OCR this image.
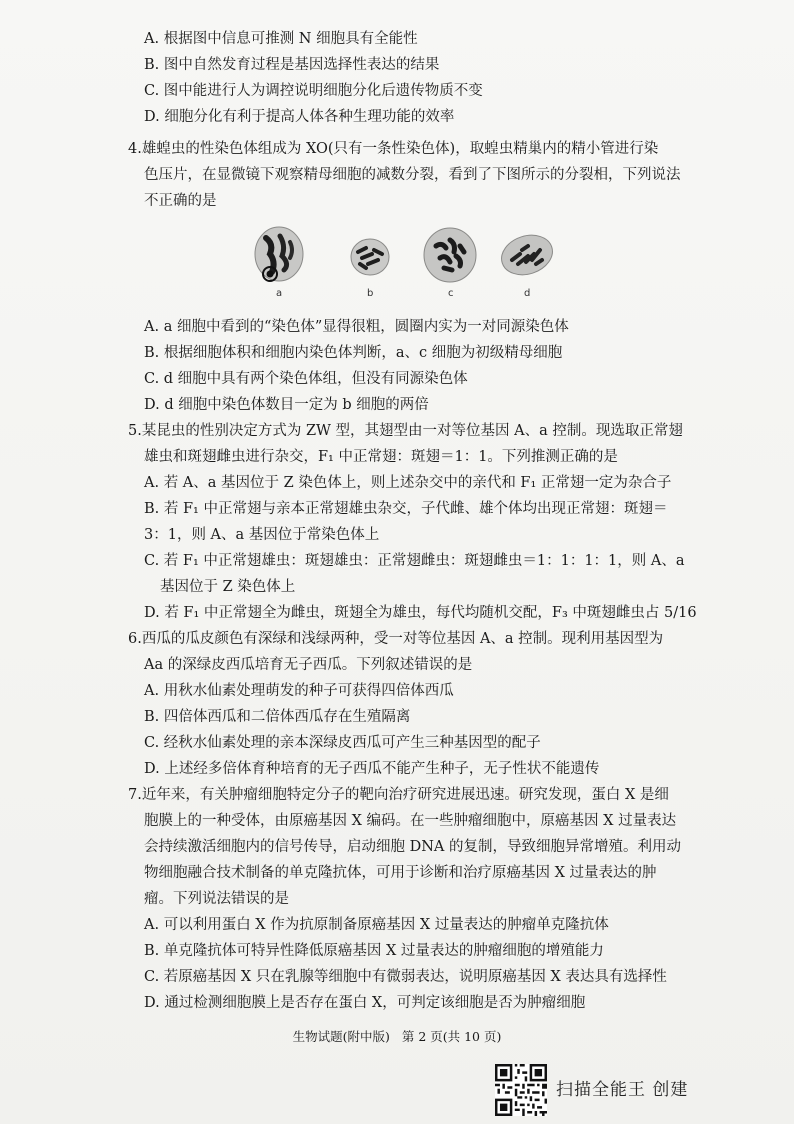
A. 根据图中信息可推测 N 细胞具有全能性
B. 图中自然发育过程是基因选择性表达的结果
C. 图中能进行人为调控说明细胞分化后遗传物质不变
D. 细胞分化有利于提高人体各种生理功能的效率
4.雄蝗虫的性染色体组成为 XO(只有一条性染色体)，取蝗虫精巢内的精小管进行染
色压片，在显微镜下观察精母细胞的减数分裂，看到了下图所示的分裂相，下列说法
不正确的是
a	b	c	d
A. a 细胞中看到的“染色体”显得很粗，圆圈内实为一对同源染色体
B. 根据细胞体积和细胞内染色体判断，a、c 细胞为初级精母细胞
C. d 细胞中具有两个染色体组，但没有同源染色体
D. d 细胞中染色体数目一定为 b 细胞的两倍
5.某昆虫的性别决定方式为 ZW 型，其翅型由一对等位基因 A、a 控制。现选取正常翅
雄虫和斑翅雌虫进行杂交，F₁ 中正常翅：斑翅＝1：1。下列推测正确的是
A. 若 A、a 基因位于 Z 染色体上，则上述杂交中的亲代和 F₁ 正常翅一定为杂合子
B. 若 F₁ 中正常翅与亲本正常翅雄虫杂交，子代雌、雄个体均出现正常翅：斑翅＝
3：1，则 A、a 基因位于常染色体上
C. 若 F₁ 中正常翅雄虫：斑翅雄虫：正常翅雌虫：斑翅雌虫＝1：1：1：1，则 A、a
基因位于 Z 染色体上
D. 若 F₁ 中正常翅全为雌虫，斑翅全为雄虫，每代均随机交配，F₃ 中斑翅雌虫占 5/16
6.西瓜的瓜皮颜色有深绿和浅绿两种，受一对等位基因 A、a 控制。现利用基因型为
Aa 的深绿皮西瓜培育无子西瓜。下列叙述错误的是
A. 用秋水仙素处理萌发的种子可获得四倍体西瓜
B. 四倍体西瓜和二倍体西瓜存在生殖隔离
C. 经秋水仙素处理的亲本深绿皮西瓜可产生三种基因型的配子
D. 上述经多倍体育种培育的无子西瓜不能产生种子，无子性状不能遗传
7.近年来，有关肿瘤细胞特定分子的靶向治疗研究进展迅速。研究发现，蛋白 X 是细
胞膜上的一种受体，由原癌基因 X 编码。在一些肿瘤细胞中，原癌基因 X 过量表达
会持续激活细胞内的信号传导，启动细胞 DNA 的复制，导致细胞异常增殖。利用动
物细胞融合技术制备的单克隆抗体，可用于诊断和治疗原癌基因 X 过量表达的肿
瘤。下列说法错误的是
A. 可以利用蛋白 X 作为抗原制备原癌基因 X 过量表达的肿瘤单克隆抗体
B. 单克隆抗体可特异性降低原癌基因 X 过量表达的肿瘤细胞的增殖能力
C. 若原癌基因 X 只在乳腺等细胞中有微弱表达，说明原癌基因 X 表达具有选择性
D. 通过检测细胞膜上是否存在蛋白 X，可判定该细胞是否为肿瘤细胞
生物试题(附中版) 第 2 页(共 10 页)
扫描全能王 创建
